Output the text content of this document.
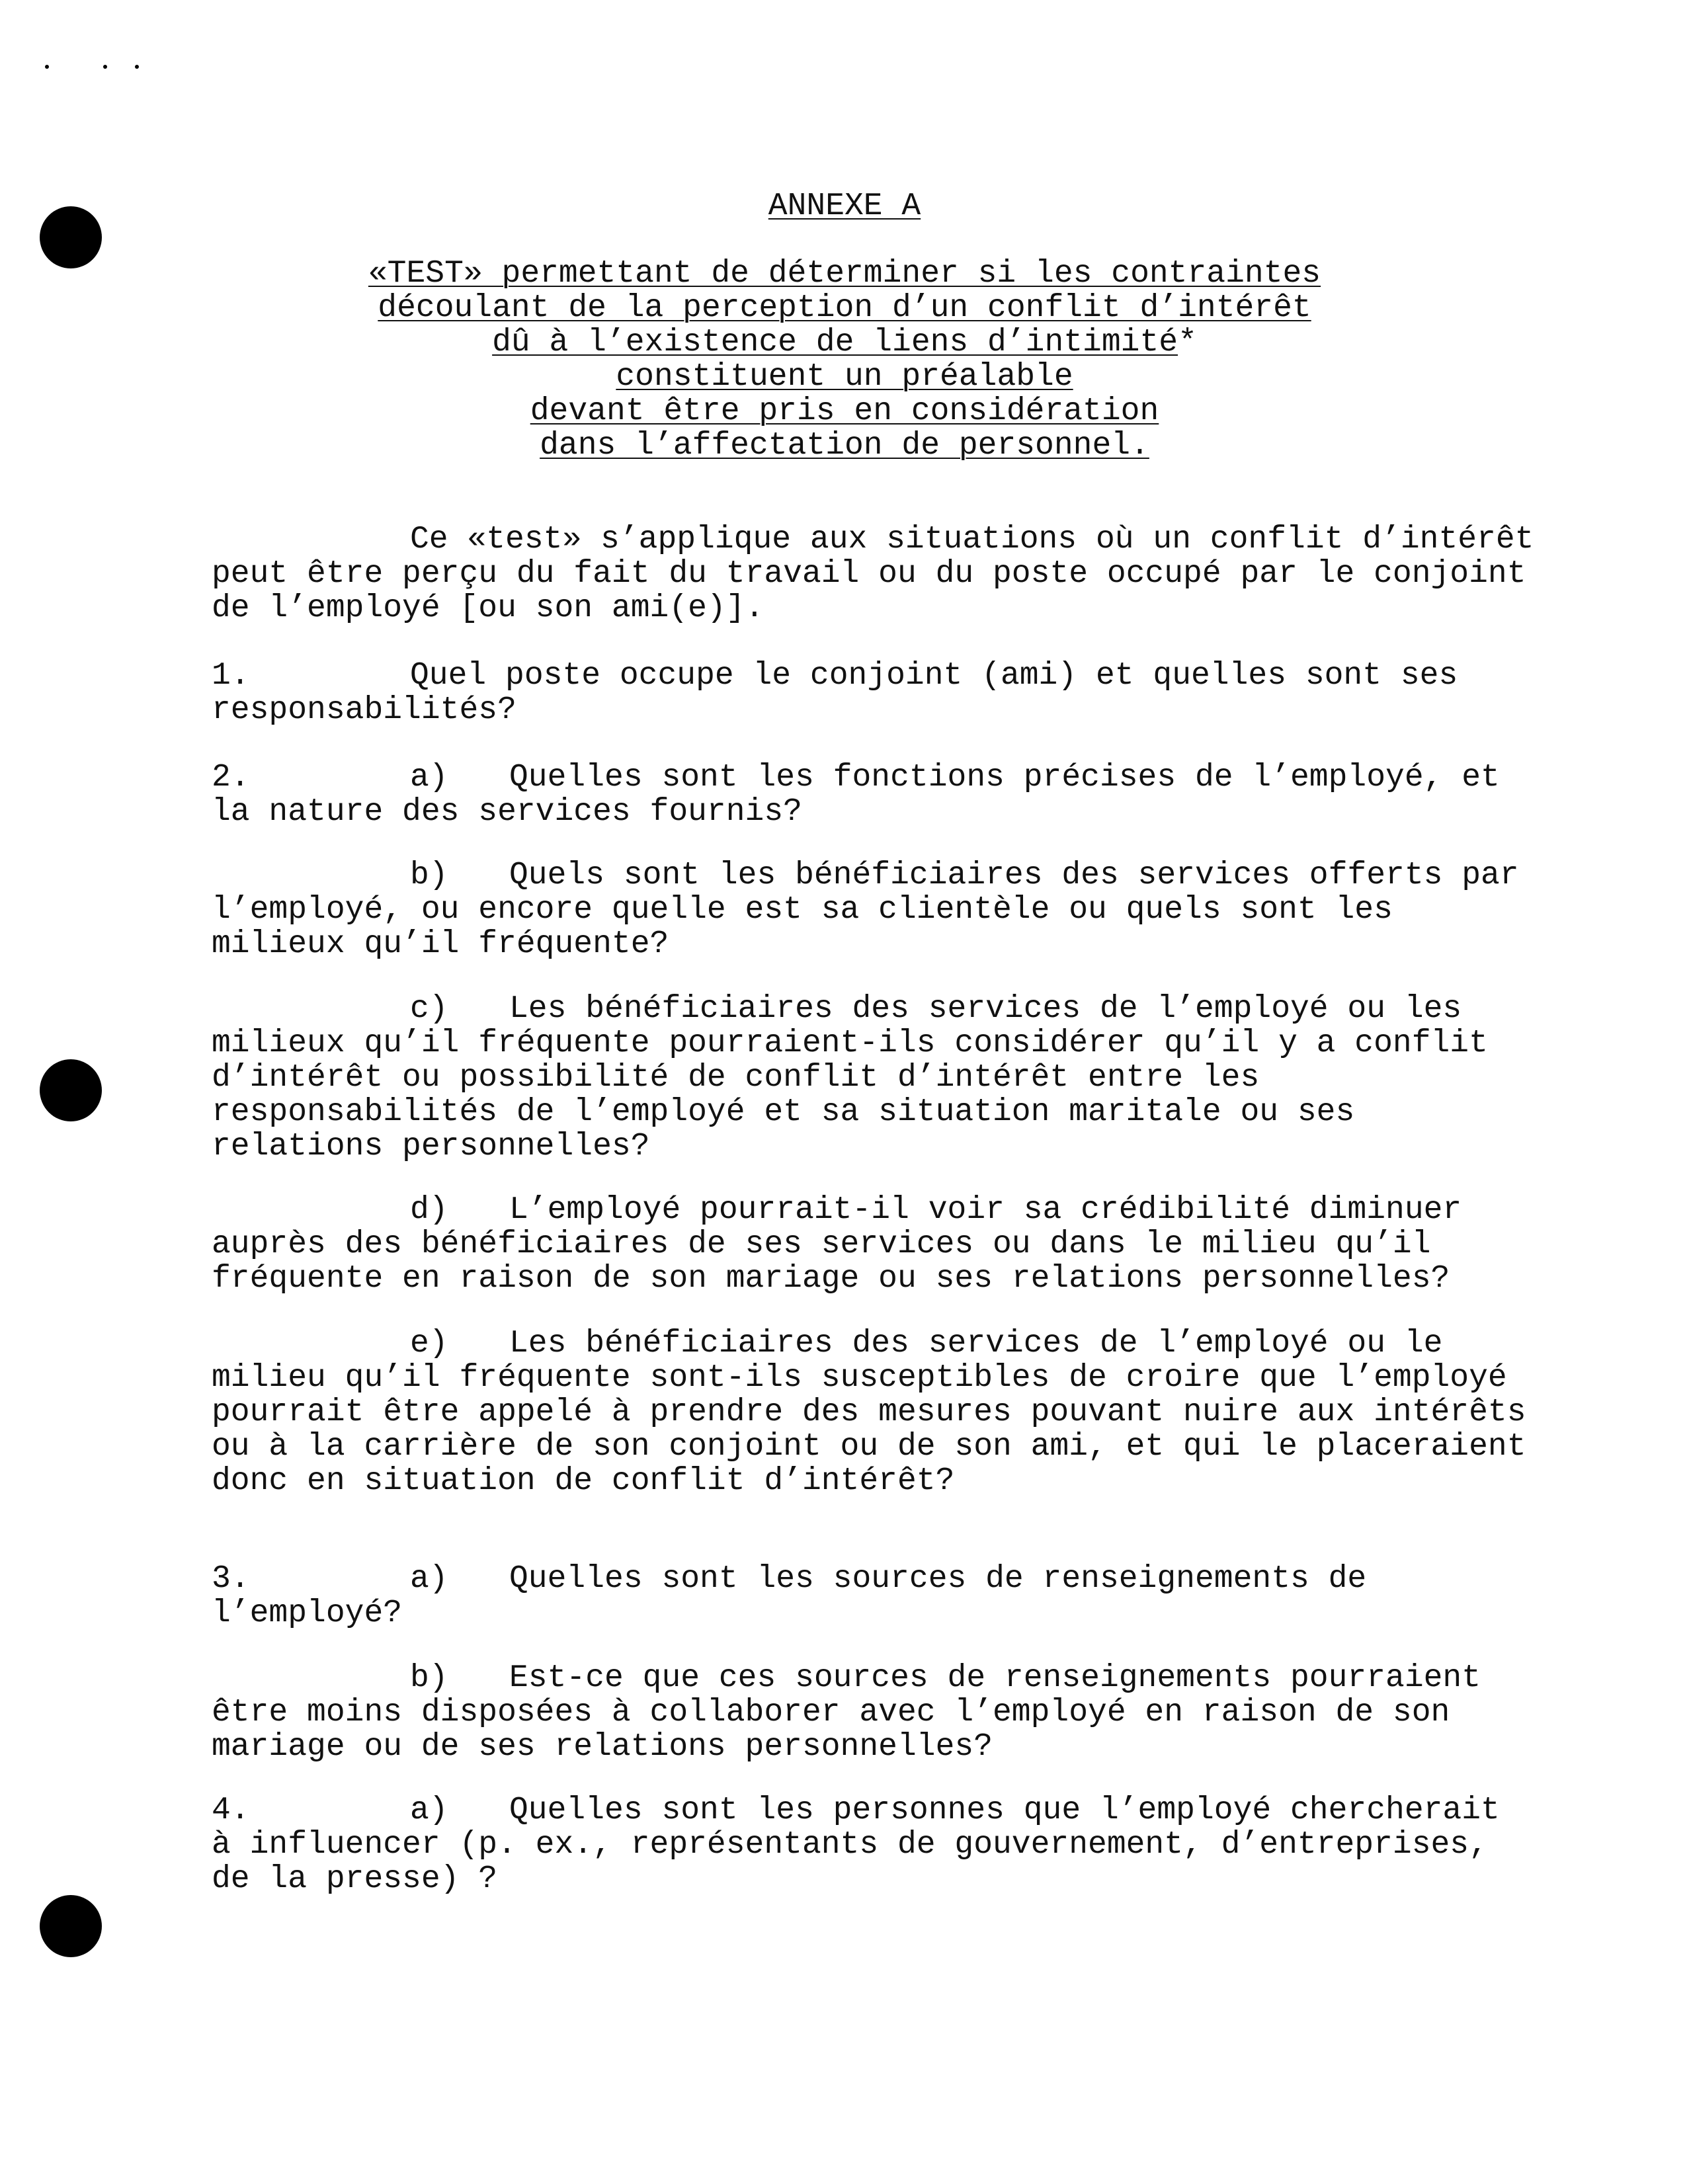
ANNEXE A
«TEST» permettant de déterminer si les contraintes
découlant de la perception d’un conflit d’intérêt
dû à l’existence de liens d’intimité*
constituent un préalable
devant être pris en considération
dans l’affectation de personnel.

Ce «test» s’applique aux situations où un conflit d’intérêt peut être perçu du fait du travail ou du poste occupé par le conjoint de l’employé [ou son ami(e)].

1.	Quel poste occupe le conjoint (ami) et quelles sont ses responsabilités?

2.	a) Quelles sont les fonctions précises de l’employé, et la nature des services fournis?

b) Quels sont les bénéficiaires des services offerts par l’employé, ou encore quelle est sa clientèle ou quels sont les milieux qu’il fréquente?

c) Les bénéficiaires des services de l’employé ou les milieux qu’il fréquente pourraient-ils considérer qu’il y a conflit d’intérêt ou possibilité de conflit d’intérêt entre les responsabilités de l’employé et sa situation maritale ou ses relations personnelles?

d) L’employé pourrait-il voir sa crédibilité diminuer auprès des bénéficiaires de ses services ou dans le milieu qu’il fréquente en raison de son mariage ou ses relations personnelles?

e) Les bénéficiaires des services de l’employé ou le milieu qu’il fréquente sont-ils susceptibles de croire que l’employé pourrait être appelé à prendre des mesures pouvant nuire aux intérêts ou à la carrière de son conjoint ou de son ami, et qui le placeraient donc en situation de conflit d’intérêt?

3.	a) Quelles sont les sources de renseignements de l’employé?

b) Est-ce que ces sources de renseignements pourraient être moins disposées à collaborer avec l’employé en raison de son mariage ou de ses relations personnelles?

4.	a) Quelles sont les personnes que l’employé chercherait à influencer (p. ex., représentants de gouvernement, d’entreprises, de la presse) ?
